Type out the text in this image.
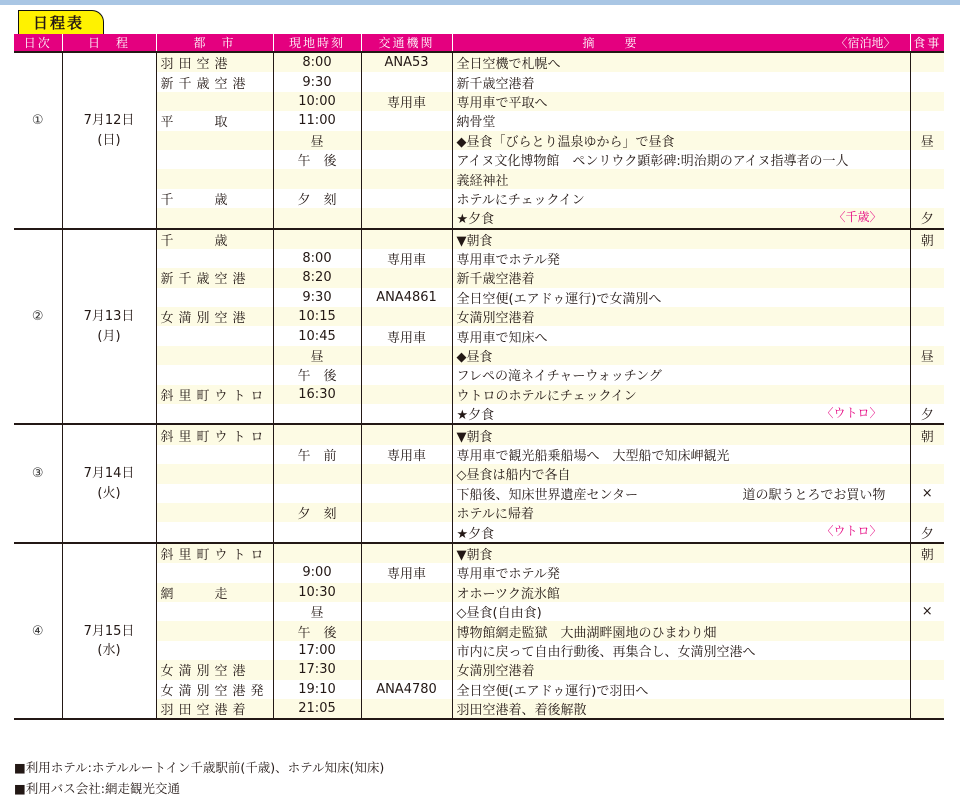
日程表
日次	日　程	都　市	現地時刻	交通機関	摘　　要 〈宿泊地〉	食事
		羽田空港	8:00	ANA53	全日空機で札幌へ	
		新千歳空港	9:30		新千歳空港着	
			10:00	専用車	専用車で平取へ	
①	7月12日	平　　取	11:00		納骨堂	
	(日)		昼		◆昼食「びらとり温泉ゆから」で昼食	昼
			午　後		アイヌ文化博物館　ペンリウク顕彰碑:明治期のアイヌ指導者の一人	
					義経神社	
		千　　歳	夕　刻		ホテルにチェックイン	
					★夕食 〈千歳〉	夕
		千　　歳			▼朝食	朝
			8:00	専用車	専用車でホテル発	
		新千歳空港	8:20		新千歳空港着	
			9:30	ANA4861	全日空便(エアドゥ運行)で女満別へ	
②	7月13日	女満別空港	10:15		女満別空港着	
	(月)		10:45	専用車	専用車で知床へ	
			昼		◆昼食	昼
			午　後		フレペの滝ネイチャーウォッチング	
		斜里町ウトロ	16:30		ウトロのホテルにチェックイン	
					★夕食 〈ウトロ〉	夕
		斜里町ウトロ			▼朝食	朝
			午　前	専用車	専用車で観光船乗船場へ　大型船で知床岬観光	
③	7月14日				◇昼食は船内で各自	
	(火)				下船後、知床世界遺産センター 道の駅うとろでお買い物	×
			夕　刻		ホテルに帰着	
					★夕食 〈ウトロ〉	夕
		斜里町ウトロ			▼朝食	朝
			9:00	専用車	専用車でホテル発	
		網　　走	10:30		オホーツク流氷館	
			昼		◇昼食(自由食)	×
④	7月15日		午　後		博物館網走監獄　大曲湖畔園地のひまわり畑	
	(水)		17:00		市内に戻って自由行動後、再集合し、女満別空港へ	
		女満別空港	17:30		女満別空港着	
		女満別空港発	19:10	ANA4780	全日空便(エアドゥ運行)で羽田へ	
		羽田空港着	21:05		羽田空港着、着後解散	
■利用ホテル:ホテルルートイン千歳駅前(千歳)、ホテル知床(知床)
■利用バス会社:網走観光交通
